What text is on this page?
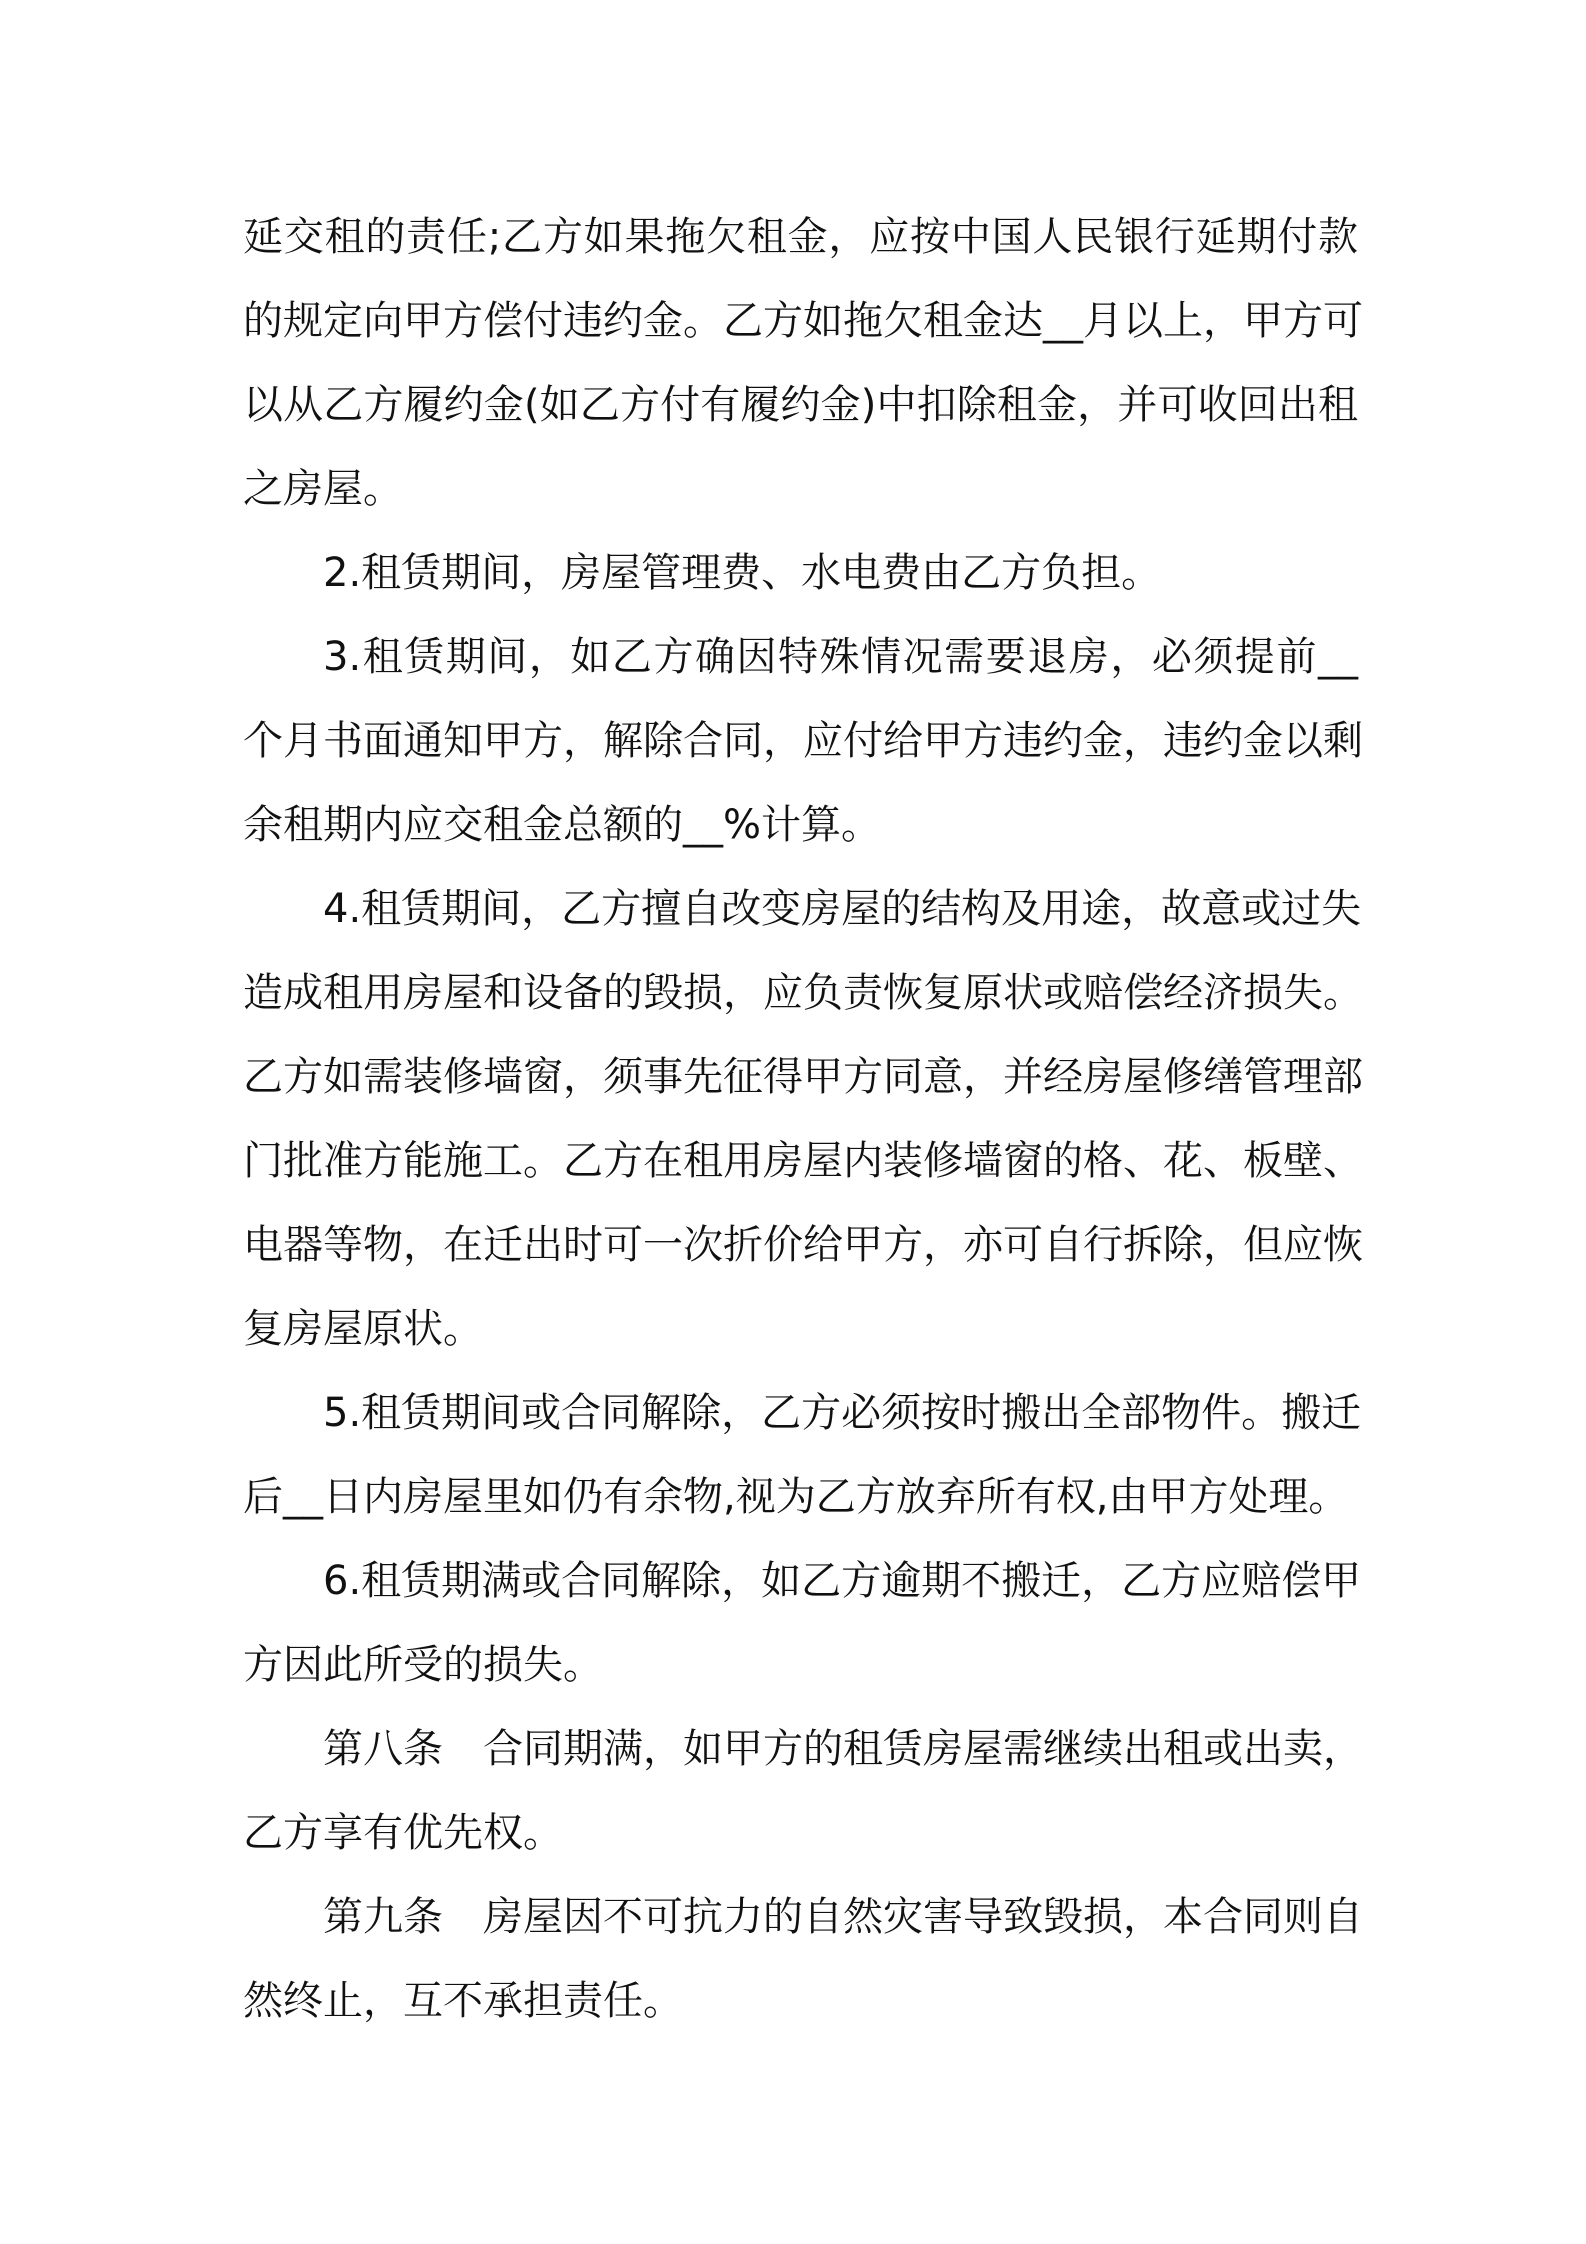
延交租的责任;乙方如果拖欠租金，应按中国人民银行延期付款
的规定向甲方偿付违约金。乙方如拖欠租金达__月以上，甲方可
以从乙方履约金(如乙方付有履约金)中扣除租金，并可收回出租
之房屋。
2.租赁期间，房屋管理费、水电费由乙方负担。
3.租赁期间，如乙方确因特殊情况需要退房，必须提前__
个月书面通知甲方，解除合同，应付给甲方违约金，违约金以剩
余租期内应交租金总额的__%计算。
4.租赁期间，乙方擅自改变房屋的结构及用途，故意或过失
造成租用房屋和设备的毁损，应负责恢复原状或赔偿经济损失。
乙方如需装修墙窗，须事先征得甲方同意，并经房屋修缮管理部
门批准方能施工。乙方在租用房屋内装修墙窗的格、花、板壁、
电器等物，在迁出时可一次折价给甲方，亦可自行拆除，但应恢
复房屋原状。
5.租赁期间或合同解除，乙方必须按时搬出全部物件。搬迁
后__日内房屋里如仍有余物,视为乙方放弃所有权,由甲方处理。
6.租赁期满或合同解除，如乙方逾期不搬迁，乙方应赔偿甲
方因此所受的损失。
第八条　合同期满，如甲方的租赁房屋需继续出租或出卖，
乙方享有优先权。
第九条　房屋因不可抗力的自然灾害导致毁损，本合同则自
然终止，互不承担责任。
